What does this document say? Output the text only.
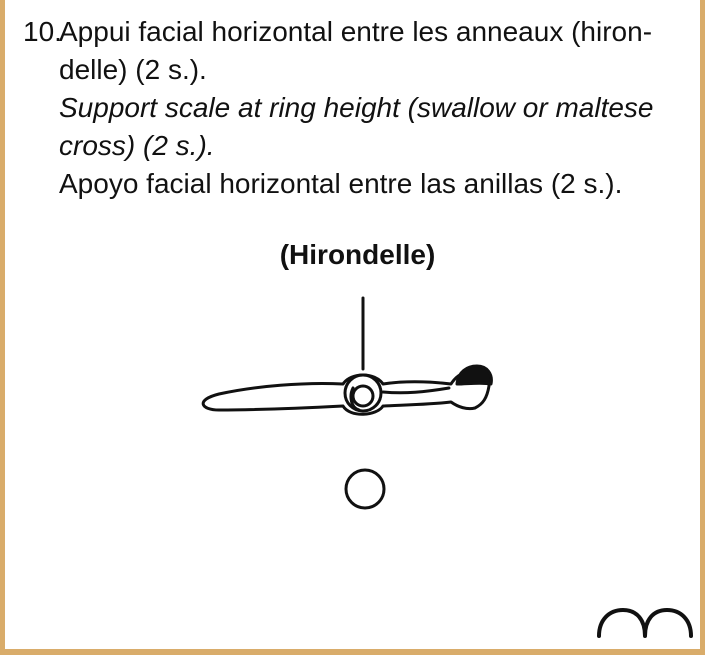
10.

Appui facial horizontal entre les anneaux (hiron-

delle) (2 s.).

Support scale at ring height (swallow or maltese

cross) (2 s.).

Apoyo facial horizontal entre las anillas (2 s.).

(Hirondelle)
